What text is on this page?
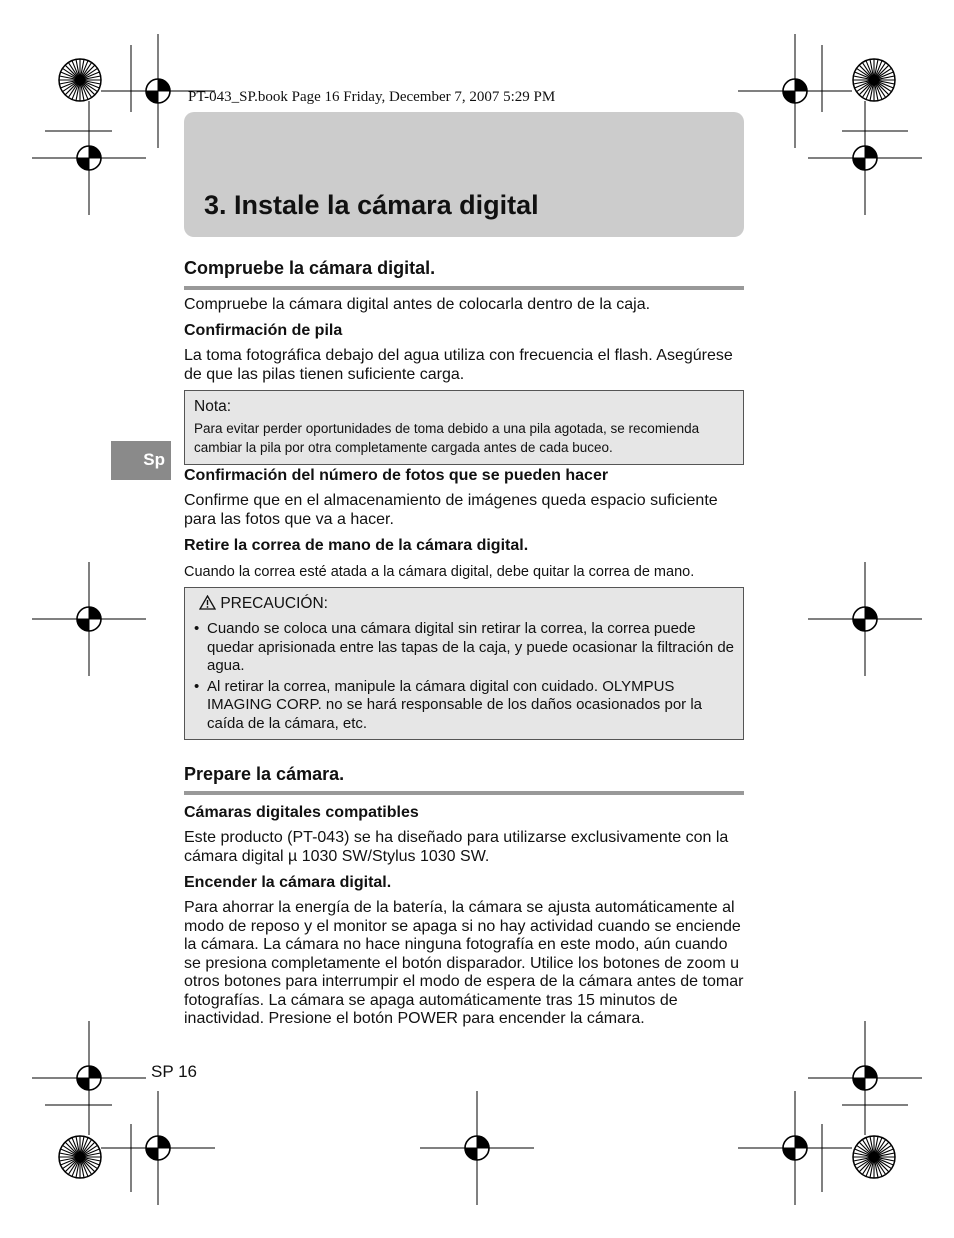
PT-043_SP.book Page 16 Friday, December 7, 2007 5:29 PM
3. Instale la cámara digital
Sp
Compruebe la cámara digital.

Compruebe la cámara digital antes de colocarla dentro de la caja.

Confirmación de pila

La toma fotográfica debajo del agua utiliza con frecuencia el flash. Asegúrese de que las pilas tienen suficiente carga.

Nota:
Para evitar perder oportunidades de toma debido a una pila agotada, se recomienda cambiar la pila por otra completamente cargada antes de cada buceo.
Confirmación del número de fotos que se pueden hacer

Confirme que en el almacenamiento de imágenes queda espacio suficiente para las fotos que va a hacer.

Retire la correa de mano de la cámara digital.

Cuando la correa esté atada a la cámara digital, debe quitar la correa de mano.

PRECAUCIÓN:
• Cuando se coloca una cámara digital sin retirar la correa, la correa puede quedar aprisionada entre las tapas de la caja, y puede ocasionar la filtración de agua.
• Al retirar la correa, manipule la cámara digital con cuidado. OLYMPUS IMAGING CORP. no se hará responsable de los daños ocasionados por la caída de la cámara, etc.
Prepare la cámara.
Cámaras digitales compatibles

Este producto (PT-043) se ha diseñado para utilizarse exclusivamente con la cámara digital µ 1030 SW/Stylus 1030 SW.

Encender la cámara digital.

Para ahorrar la energía de la batería, la cámara se ajusta automáticamente al modo de reposo y el monitor se apaga si no hay actividad cuando se enciende la cámara. La cámara no hace ninguna fotografía en este modo, aún cuando se presiona completamente el botón disparador. Utilice los botones de zoom u otros botones para interrumpir el modo de espera de la cámara antes de tomar fotografías. La cámara se apaga automáticamente tras 15 minutos de inactividad. Presione el botón POWER para encender la cámara.

SP 16
